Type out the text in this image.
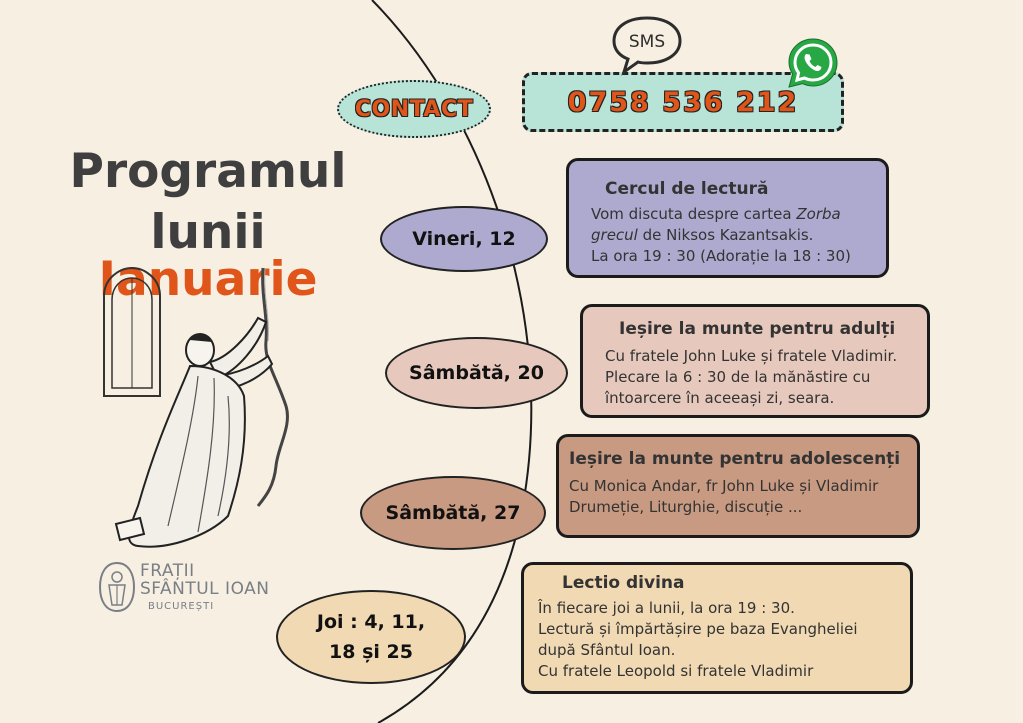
Programul
lunii Ianuarie
CONTACT	0758 536 212
SMS
Vineri, 12
Cercul de lectură
Vom discuta despre cartea Zorba
grecul de Niksos Kazantsakis.
La ora 19 : 30 (Adorație la 18 : 30)
Sâmbătă, 20
Ieșire la munte pentru adulți
Cu fratele John Luke și fratele Vladimir.
Plecare la 6 : 30 de la mănăstire cu
întoarcere în aceeași zi, seara.
Sâmbătă, 27
Ieșire la munte pentru adolescenți
Cu Monica Andar, fr John Luke și Vladimir
Drumeție, Liturghie, discuție ...
Joi : 4, 11,
18 și 25
Lectio divina
În fiecare joi a lunii, la ora 19 : 30.
Lectură și împărtășire pe baza Evangheliei
după Sfântul Ioan.
Cu fratele Leopold si fratele Vladimir
FRAȚII
SFÂNTUL IOAN
BUCUREȘTI
